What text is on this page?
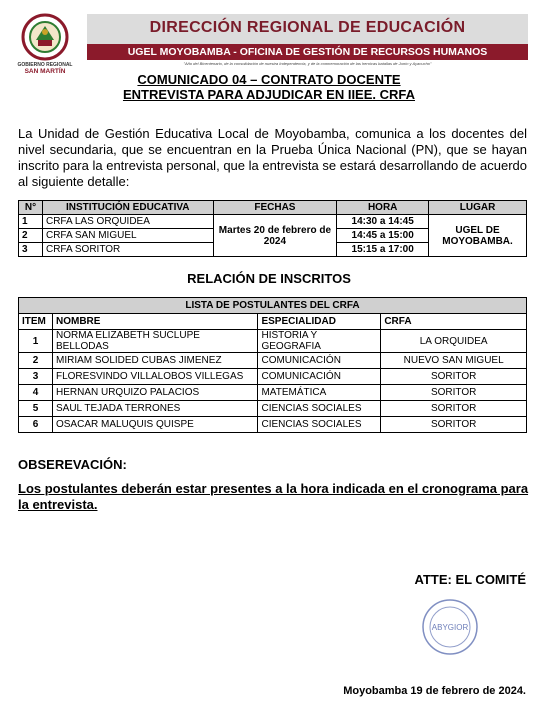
GOBIERNO REGIONAL
SAN MARTÍN
DIRECCIÓN REGIONAL DE EDUCACIÓN
UGEL MOYOBAMBA - OFICINA DE GESTIÓN DE RECURSOS HUMANOS
"Año del Bicentenario, de la consolidación de nuestra Independencia, y de la conmemoración de las heroicas batallas de Junín y Ayacucho"
COMUNICADO 04 – CONTRATO DOCENTE
ENTREVISTA PARA ADJUDICAR EN IIEE. CRFA
La Unidad de Gestión Educativa Local de Moyobamba, comunica a los docentes del nivel secundaria, que se encuentran en la Prueba Única Nacional (PN), que se hayan inscrito para la entrevista personal, que la entrevista se estará desarrollando de acuerdo al siguiente detalle:
N°	INSTITUCIÓN EDUCATIVA	FECHAS	HORA	LUGAR
1	CRFA LAS ORQUIDEA	Martes 20 de febrero de 2024	14:30 a 14:45	UGEL DE MOYOBAMBA.
2	CRFA SAN MIGUEL		14:45 a 15:00	
3	CRFA SORITOR		15:15 a 17:00	
RELACIÓN DE INSCRITOS
LISTA DE POSTULANTES DEL CRFA			
ITEM	NOMBRE	ESPECIALIDAD	CRFA
1	NORMA ELIZABETH SUCLUPE BELLODAS	HISTORIA Y GEOGRAFIA	LA ORQUIDEA
2	MIRIAM SOLIDED CUBAS JIMENEZ	COMUNICACIÓN	NUEVO SAN MIGUEL
3	FLORESVINDO VILLALOBOS VILLEGAS	COMUNICACIÓN	SORITOR
4	HERNAN URQUIZO PALACIOS	MATEMÁTICA	SORITOR
5	SAUL TEJADA TERRONES	CIENCIAS SOCIALES	SORITOR
6	OSACAR MALUQUIS QUISPE	CIENCIAS SOCIALES	SORITOR
OBSEREVACIÓN:
Los postulantes deberán estar presentes a la hora indicada en el cronograma para la entrevista.
ATTE: EL COMITÉ
ABYGIOR
Moyobamba 19 de febrero de 2024.
